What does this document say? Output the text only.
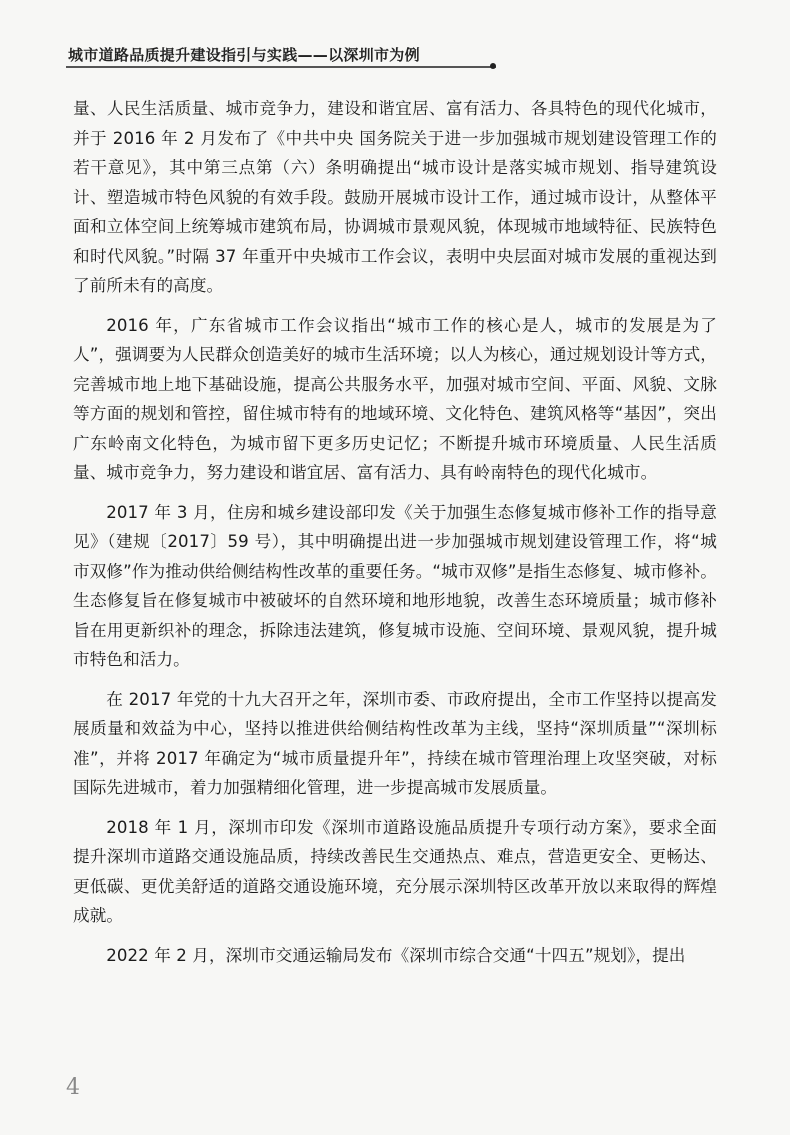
城市道路品质提升建设指引与实践——以深圳市为例

量、人民生活质量、城市竞争力，建设和谐宜居、富有活力、各具特色的现代化城市，并于 2016 年 2 月发布了《中共中央 国务院关于进一步加强城市规划建设管理工作的若干意见》，其中第三点第（六）条明确提出“城市设计是落实城市规划、指导建筑设计、塑造城市特色风貌的有效手段。鼓励开展城市设计工作，通过城市设计，从整体平面和立体空间上统筹城市建筑布局，协调城市景观风貌，体现城市地域特征、民族特色和时代风貌。”时隔 37 年重开中央城市工作会议，表明中央层面对城市发展的重视达到了前所未有的高度。

2016 年，广东省城市工作会议指出“城市工作的核心是人，城市的发展是为了人”，强调要为人民群众创造美好的城市生活环境；以人为核心，通过规划设计等方式，完善城市地上地下基础设施，提高公共服务水平，加强对城市空间、平面、风貌、文脉等方面的规划和管控，留住城市特有的地域环境、文化特色、建筑风格等“基因”，突出广东岭南文化特色，为城市留下更多历史记忆；不断提升城市环境质量、人民生活质量、城市竞争力，努力建设和谐宜居、富有活力、具有岭南特色的现代化城市。

2017 年 3 月，住房和城乡建设部印发《关于加强生态修复城市修补工作的指导意见》（建规〔2017〕59 号），其中明确提出进一步加强城市规划建设管理工作，将“城市双修”作为推动供给侧结构性改革的重要任务。“城市双修”是指生态修复、城市修补。生态修复旨在修复城市中被破坏的自然环境和地形地貌，改善生态环境质量；城市修补旨在用更新织补的理念，拆除违法建筑，修复城市设施、空间环境、景观风貌，提升城市特色和活力。

在 2017 年党的十九大召开之年，深圳市委、市政府提出，全市工作坚持以提高发展质量和效益为中心，坚持以推进供给侧结构性改革为主线，坚持“深圳质量”“深圳标准”，并将 2017 年确定为“城市质量提升年”，持续在城市管理治理上攻坚突破，对标国际先进城市，着力加强精细化管理，进一步提高城市发展质量。

2018 年 1 月，深圳市印发《深圳市道路设施品质提升专项行动方案》，要求全面提升深圳市道路交通设施品质，持续改善民生交通热点、难点，营造更安全、更畅达、更低碳、更优美舒适的道路交通设施环境，充分展示深圳特区改革开放以来取得的辉煌成就。

2022 年 2 月，深圳市交通运输局发布《深圳市综合交通“十四五”规划》，提出

4
